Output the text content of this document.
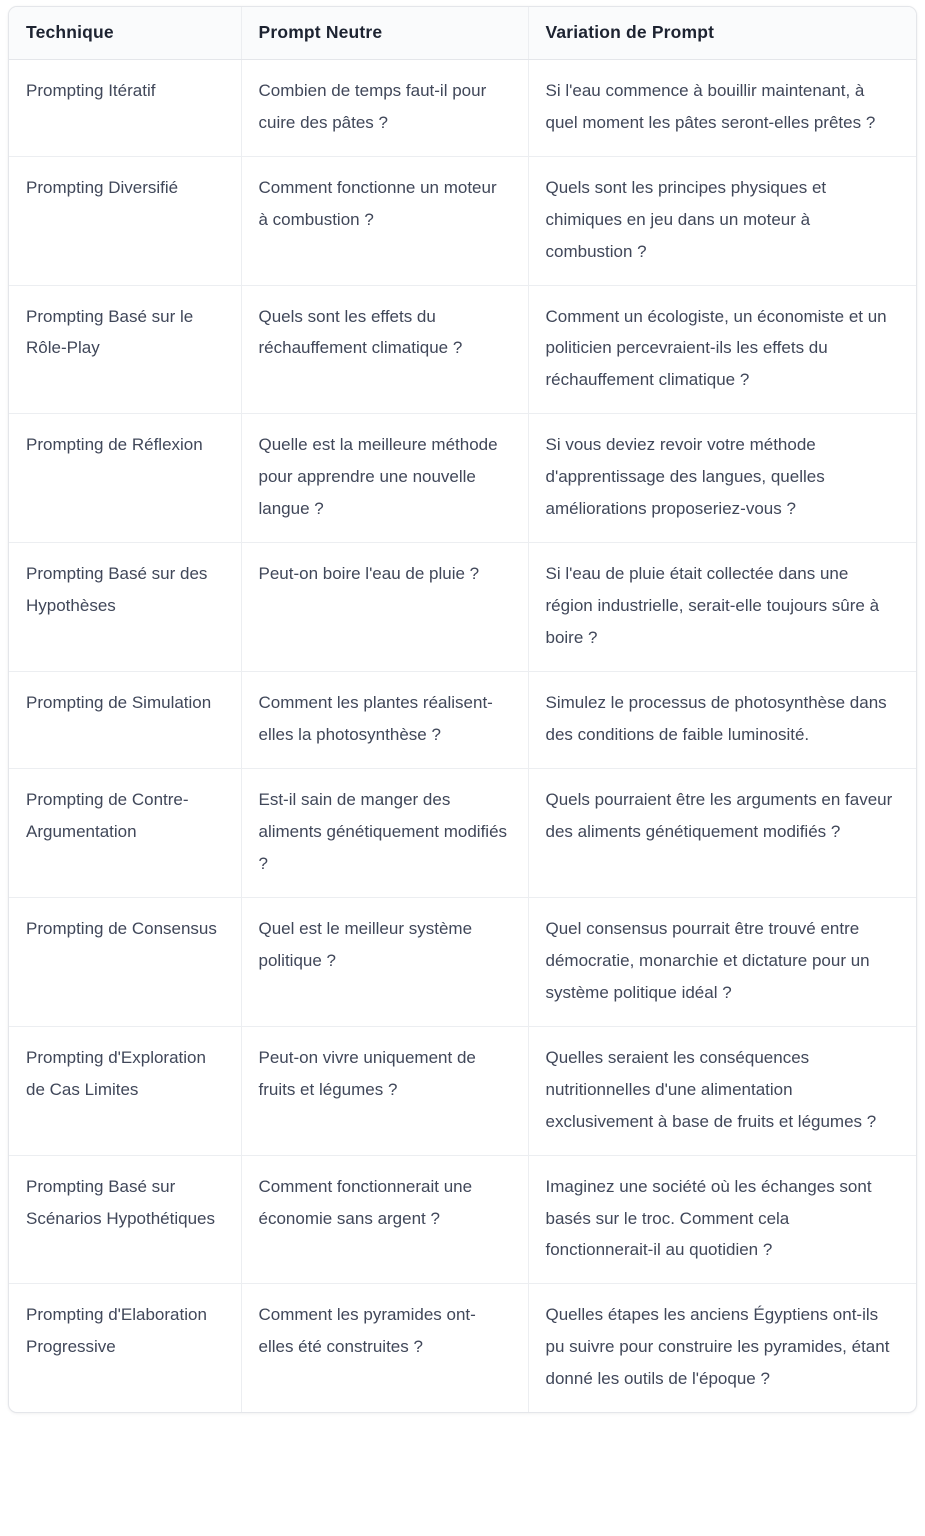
Technique	Prompt Neutre	Variation de Prompt
Prompting Itératif	Combien de temps faut-il pour cuire des pâtes ?	Si l'eau commence à bouillir maintenant, à quel moment les pâtes seront-elles prêtes ?
Prompting Diversifié	Comment fonctionne un moteur à combustion ?	Quels sont les principes physiques et chimiques en jeu dans un moteur à combustion ?
Prompting Basé sur le Rôle-Play	Quels sont les effets du réchauffement climatique ?	Comment un écologiste, un économiste et un politicien percevraient-ils les effets du réchauffement climatique ?
Prompting de Réflexion	Quelle est la meilleure méthode pour apprendre une nouvelle langue ?	Si vous deviez revoir votre méthode d'apprentissage des langues, quelles améliorations proposeriez-vous ?
Prompting Basé sur des Hypothèses	Peut-on boire l'eau de pluie ?	Si l'eau de pluie était collectée dans une région industrielle, serait-elle toujours sûre à boire ?
Prompting de Simulation	Comment les plantes réalisent-elles la photosynthèse ?	Simulez le processus de photosynthèse dans des conditions de faible luminosité.
Prompting de Contre-Argumentation	Est-il sain de manger des aliments génétiquement modifiés ?	Quels pourraient être les arguments en faveur des aliments génétiquement modifiés ?
Prompting de Consensus	Quel est le meilleur système politique ?	Quel consensus pourrait être trouvé entre démocratie, monarchie et dictature pour un système politique idéal ?
Prompting d'Exploration de Cas Limites	Peut-on vivre uniquement de fruits et légumes ?	Quelles seraient les conséquences nutritionnelles d'une alimentation exclusivement à base de fruits et légumes ?
Prompting Basé sur Scénarios Hypothétiques	Comment fonctionnerait une économie sans argent ?	Imaginez une société où les échanges sont basés sur le troc. Comment cela fonctionnerait-il au quotidien ?
Prompting d'Elaboration Progressive	Comment les pyramides ont-elles été construites ?	Quelles étapes les anciens Égyptiens ont-ils pu suivre pour construire les pyramides, étant donné les outils de l'époque ?
